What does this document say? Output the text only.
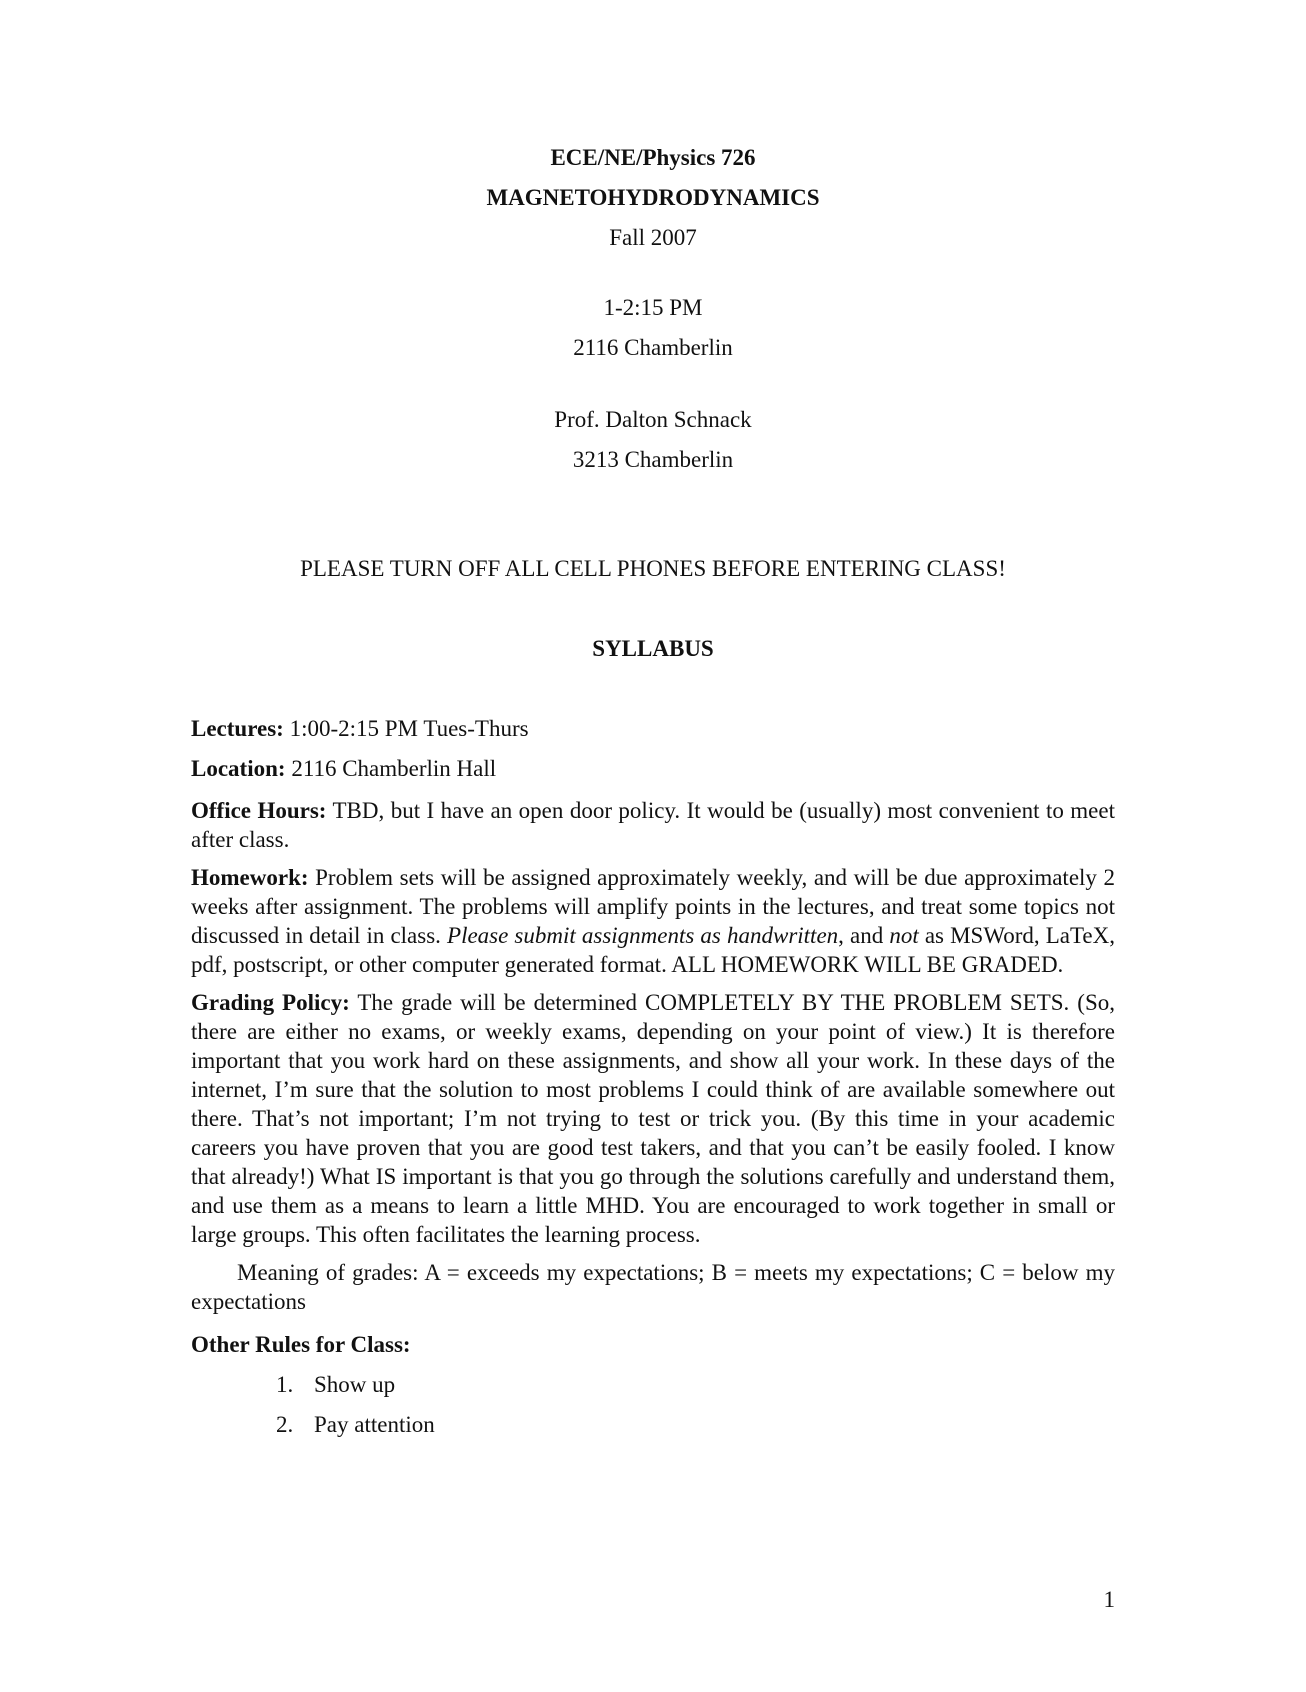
ECE/NE/Physics 726
MAGNETOHYDRODYNAMICS
Fall 2007
1-2:15 PM
2116 Chamberlin
Prof. Dalton Schnack
3213 Chamberlin
PLEASE TURN OFF ALL CELL PHONES BEFORE ENTERING CLASS!
SYLLABUS

Lectures: 1:00-2:15 PM Tues-Thurs

Location: 2116 Chamberlin Hall

Office Hours: TBD, but I have an open door policy. It would be (usually) most convenient to meet after class.

Homework: Problem sets will be assigned approximately weekly, and will be due approximately 2 weeks after assignment. The problems will amplify points in the lectures, and treat some topics not discussed in detail in class. Please submit assignments as handwritten, and not as MSWord, LaTeX, pdf, postscript, or other computer generated format. ALL HOMEWORK WILL BE GRADED.

Grading Policy: The grade will be determined COMPLETELY BY THE PROBLEM SETS. (So, there are either no exams, or weekly exams, depending on your point of view.) It is therefore important that you work hard on these assignments, and show all your work. In these days of the internet, I’m sure that the solution to most problems I could think of are available somewhere out there. That’s not important; I’m not trying to test or trick you. (By this time in your academic careers you have proven that you are good test takers, and that you can’t be easily fooled. I know that already!) What IS important is that you go through the solutions carefully and understand them, and use them as a means to learn a little MHD. You are encouraged to work together in small or large groups. This often facilitates the learning process.

Meaning of grades: A = exceeds my expectations; B = meets my expectations; C = below my expectations

Other Rules for Class:

1. Show up
2. Pay attention
1
